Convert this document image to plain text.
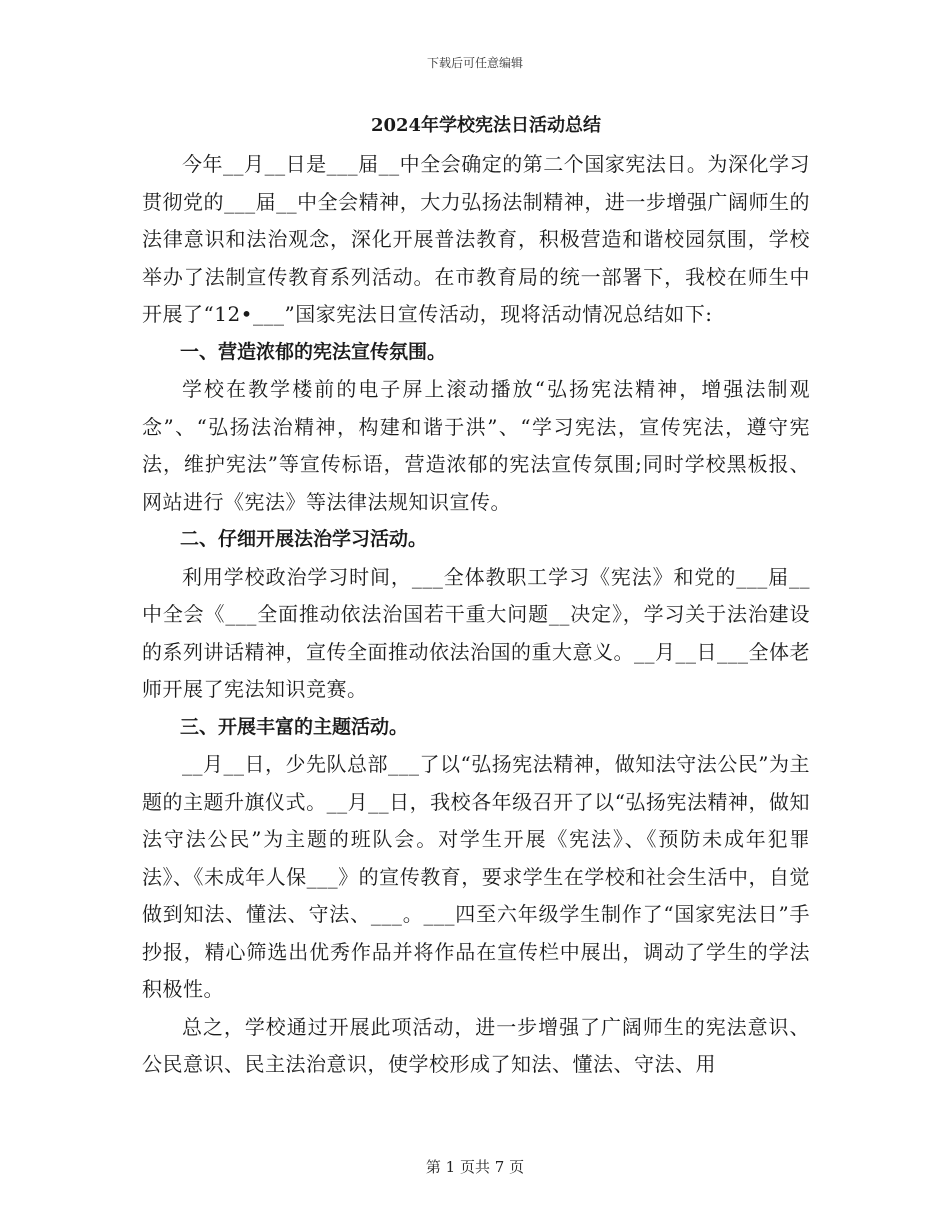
下载后可任意编辑
2024年学校宪法日活动总结

今年__月__日是___届__中全会确定的第二个国家宪法日。为深化学习贯彻党的___届__中全会精神，大力弘扬法制精神，进一步增强广阔师生的法律意识和法治观念，深化开展普法教育，积极营造和谐校园氛围，学校举办了法制宣传教育系列活动。在市教育局的统一部署下，我校在师生中开展了“12•___”国家宪法日宣传活动，现将活动情况总结如下:

一、营造浓郁的宪法宣传氛围。

学校在教学楼前的电子屏上滚动播放“弘扬宪法精神，增强法制观念”、“弘扬法治精神，构建和谐于洪”、“学习宪法，宣传宪法，遵守宪法，维护宪法”等宣传标语，营造浓郁的宪法宣传氛围;同时学校黑板报、网站进行《宪法》等法律法规知识宣传。

二、仔细开展法治学习活动。

利用学校政治学习时间，___全体教职工学习《宪法》和党的___届__中全会《___全面推动依法治国若干重大问题__决定》，学习关于法治建设的系列讲话精神，宣传全面推动依法治国的重大意义。__月__日___全体老师开展了宪法知识竞赛。

三、开展丰富的主题活动。

__月__日，少先队总部___了以“弘扬宪法精神，做知法守法公民”为主题的主题升旗仪式。__月__日，我校各年级召开了以“弘扬宪法精神，做知法守法公民”为主题的班队会。对学生开展《宪法》、《预防未成年犯罪法》、《未成年人保___》的宣传教育，要求学生在学校和社会生活中，自觉做到知法、懂法、守法、___。___四至六年级学生制作了“国家宪法日”手抄报，精心筛选出优秀作品并将作品在宣传栏中展出，调动了学生的学法积极性。

总之，学校通过开展此项活动，进一步增强了广阔师生的宪法意识、公民意识、民主法治意识，使学校形成了知法、懂法、守法、用

第 1 页共 7 页
